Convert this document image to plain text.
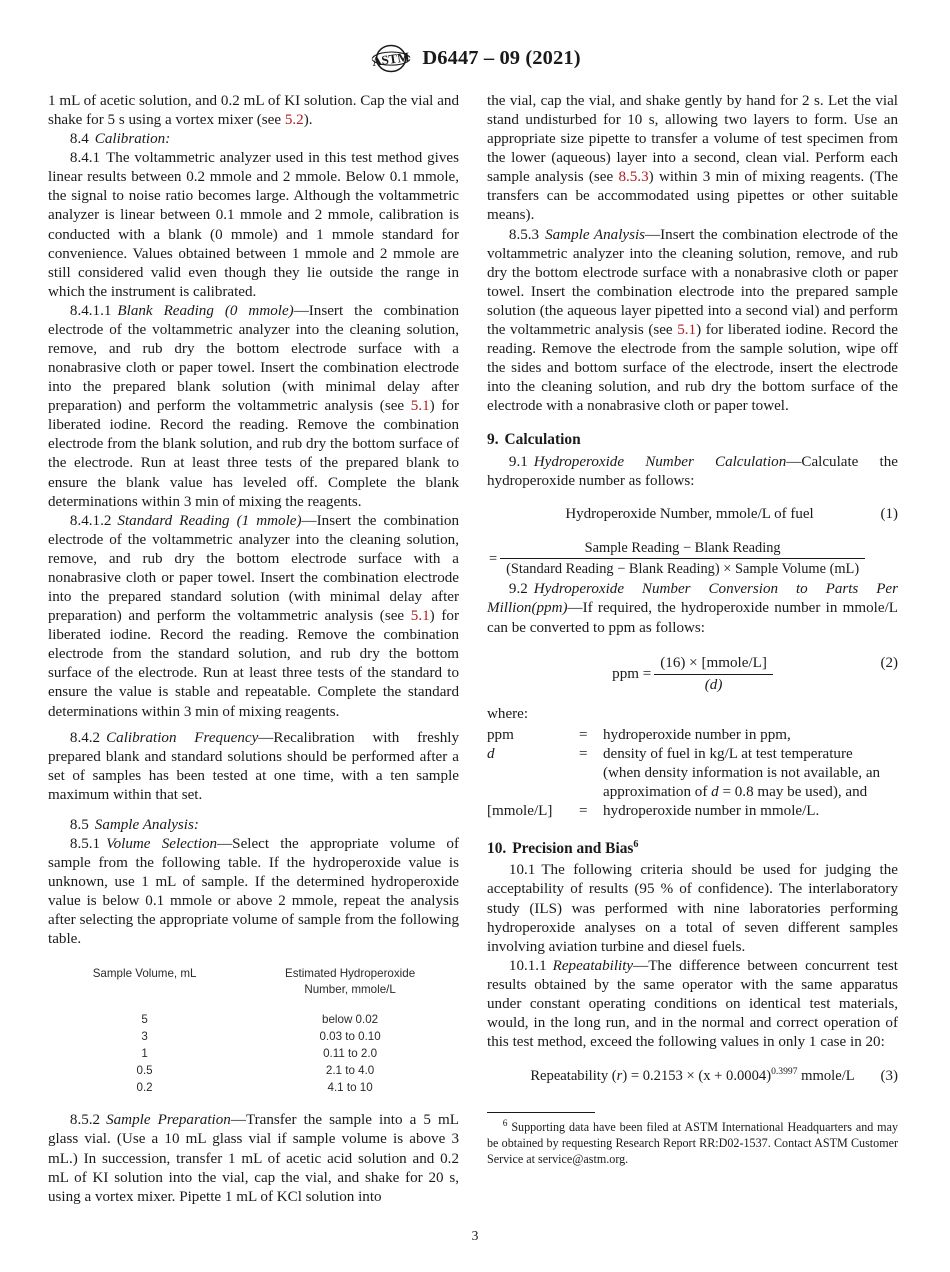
ASTM D6447 – 09 (2021)

1 mL of acetic solution, and 0.2 mL of KI solution. Cap the vial and shake for 5 s using a vortex mixer (see 5.2).

8.4 Calibration:

8.4.1 The voltammetric analyzer used in this test method gives linear results between 0.2 mmole and 2 mmole. Below 0.1 mmole, the signal to noise ratio becomes large. Although the voltammetric analyzer is linear between 0.1 mmole and 2 mmole, calibration is conducted with a blank (0 mmole) and 1 mmole standard for convenience. Values obtained between 1 mmole and 2 mmole are still considered valid even though they lie outside the range in which the instrument is calibrated.

8.4.1.1 Blank Reading (0 mmole)—Insert the combination electrode of the voltammetric analyzer into the cleaning solution, remove, and rub dry the bottom electrode surface with a nonabrasive cloth or paper towel. Insert the combination electrode into the prepared blank solution (with minimal delay after preparation) and perform the voltammetric analysis (see 5.1) for liberated iodine. Record the reading. Remove the combination electrode from the blank solution, and rub dry the bottom surface of the electrode. Run at least three tests of the prepared blank to ensure the blank value has leveled off. Complete the blank determinations within 3 min of mixing the reagents.

8.4.1.2 Standard Reading (1 mmole)—Insert the combination electrode of the voltammetric analyzer into the cleaning solution, remove, and rub dry the bottom electrode surface with a nonabrasive cloth or paper towel. Insert the combination electrode into the prepared standard solution (with minimal delay after preparation) and perform the voltammetric analysis (see 5.1) for liberated iodine. Record the reading. Remove the combination electrode from the standard solution, and rub dry the bottom surface of the electrode. Run at least three tests of the standard to ensure the value is stable and repeatable. Complete the standard determinations within 3 min of mixing reagents.

8.4.2 Calibration Frequency—Recalibration with freshly prepared blank and standard solutions should be performed after a set of samples has been tested at one time, with a ten sample maximum within that set.

8.5 Sample Analysis:

8.5.1 Volume Selection—Select the appropriate volume of sample from the following table. If the hydroperoxide value is unknown, use 1 mL of sample. If the determined hydroperoxide value is below 0.1 mmole or above 2 mmole, repeat the analysis after selecting the appropriate volume of sample from the following table.

Sample Volume, mL	Estimated Hydroperoxide
Number, mmole/L
5	below 0.02
3	0.03 to 0.10
1	0.11 to 2.0
0.5	2.1 to 4.0
0.2	4.1 to 10

8.5.2 Sample Preparation—Transfer the sample into a 5 mL glass vial. (Use a 10 mL glass vial if sample volume is above 3 mL.) In succession, transfer 1 mL of acetic acid solution and 0.2 mL of KI solution into the vial, cap the vial, and shake for 20 s, using a vortex mixer. Pipette 1 mL of KCl solution into

the vial, cap the vial, and shake gently by hand for 2 s. Let the vial stand undisturbed for 10 s, allowing two layers to form. Use an appropriate size pipette to transfer a volume of test specimen from the lower (aqueous) layer into a second, clean vial. Perform each sample analysis (see 8.5.3) within 3 min of mixing reagents. (The transfers can be accommodated using pipettes or other suitable means).

8.5.3 Sample Analysis—Insert the combination electrode of the voltammetric analyzer into the cleaning solution, remove, and rub dry the bottom electrode surface with a nonabrasive cloth or paper towel. Insert the combination electrode into the prepared sample solution (the aqueous layer pipetted into a second vial) and perform the voltammetric analysis (see 5.1) for liberated iodine. Record the reading. Remove the electrode from the sample solution, wipe off the sides and bottom surface of the electrode, insert the electrode into the cleaning solution, and rub dry the bottom surface of the electrode with a nonabrasive cloth or paper towel.

9. Calculation

9.1 Hydroperoxide Number Calculation—Calculate the hydroperoxide number as follows:

(1)
Hydroperoxide Number, mmole/L of fuel
= $\frac{\text{Sample Reading − Blank Reading}}{\text{(Standard Reading − Blank Reading) × Sample Volume (mL)}}$

9.2 Hydroperoxide Number Conversion to Parts Per Million(ppm)—If required, the hydroperoxide number in mmole/L can be converted to ppm as follows:

(2)
ppm = $\frac{\text{(16) × [mmole/L]}}{(d)}$

where:

ppm	=	hydroperoxide number in ppm,
d	=	density of fuel in kg/L at test temperature
(when density information is not available, an
approximation of d = 0.8 may be used), and

[mmole/L]	=	hydroperoxide number in mmole/L.
10. Precision and Bias$^6$

10.1 The following criteria should be used for judging the acceptability of results (95 % of confidence). The interlaboratory study (ILS) was performed with nine laboratories performing hydroperoxide analyses on a total of seven different samples involving aviation turbine and diesel fuels.

10.1.1 Repeatability—The difference between concurrent test results obtained by the same operator with the same apparatus under constant operating conditions on identical test materials, would, in the long run, and in the normal and correct operation of this test method, exceed the following values in only 1 case in 20:

(3)
Repeatability $(r) = 0.2153 \times (x + 0.0004)^{0.3997}$ mmole/L

$^6$ Supporting data have been filed at ASTM International Headquarters and may be obtained by requesting Research Report RR:D02-1537. Contact ASTM Customer Service at service@astm.org.

3
